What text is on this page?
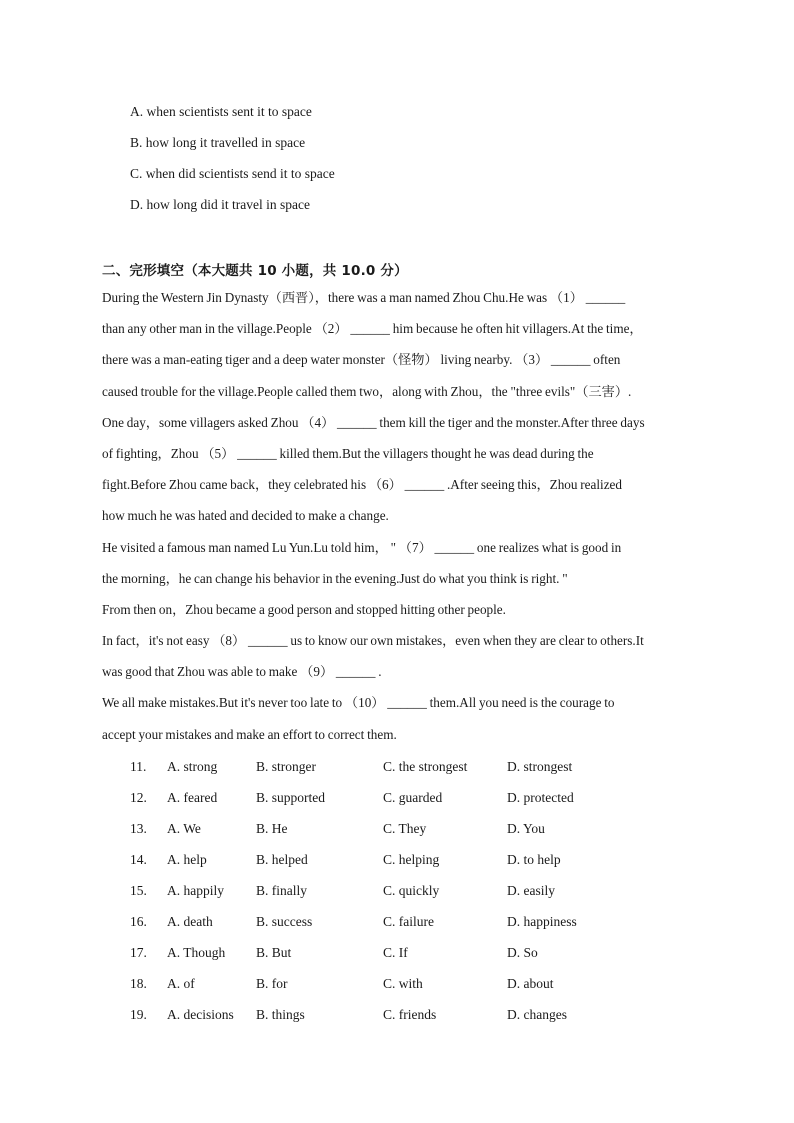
A. when scientists sent it to space
B. how long it travelled in space
C. when did scientists send it to space
D. how long did it travel in space
二、完形填空（本大题共 10 小题，共 10.0 分）
During the Western Jin Dynasty（西晋），there was a man named Zhou Chu.He was （1） ______
than any other man in the village.People （2） ______ him because he often hit villagers.At the time，
there was a man-eating tiger and a deep water monster（怪物） living nearby. （3） ______ often
caused trouble for the village.People called them two，along with Zhou，the "three evils"（三害）.
One day，some villagers asked Zhou （4） ______ them kill the tiger and the monster.After three days
of fighting，Zhou （5） ______ killed them.But the villagers thought he was dead during the
fight.Before Zhou came back，they celebrated his （6） ______ .After seeing this，Zhou realized
how much he was hated and decided to make a change.
He visited a famous man named Lu Yun.Lu told him， " （7） ______ one realizes what is good in
the morning，he can change his behavior in the evening.Just do what you think is right. "
From then on，Zhou became a good person and stopped hitting other people.
In fact，it's not easy （8） ______ us to know our own mistakes，even when they are clear to others.It
was good that Zhou was able to make （9） ______ .
We all make mistakes.But it's never too late to （10） ______ them.All you need is the courage to
accept your mistakes and make an effort to correct them.
11. A. strong	B. stronger	C. the strongest	D. strongest
12. A. feared	B. supported	C. guarded	D. protected
13. A. We	B. He	C. They	D. You
14. A. help	B. helped	C. helping	D. to help
15. A. happily B. finally	C. quickly	D. easily
16. A. death	B. success	C. failure	D. happiness
17. A. Though B. But	C. If	D. So
18. A. of	B. for	C. with	D. about
19. A. decisions B. things	C. friends	D. changes
